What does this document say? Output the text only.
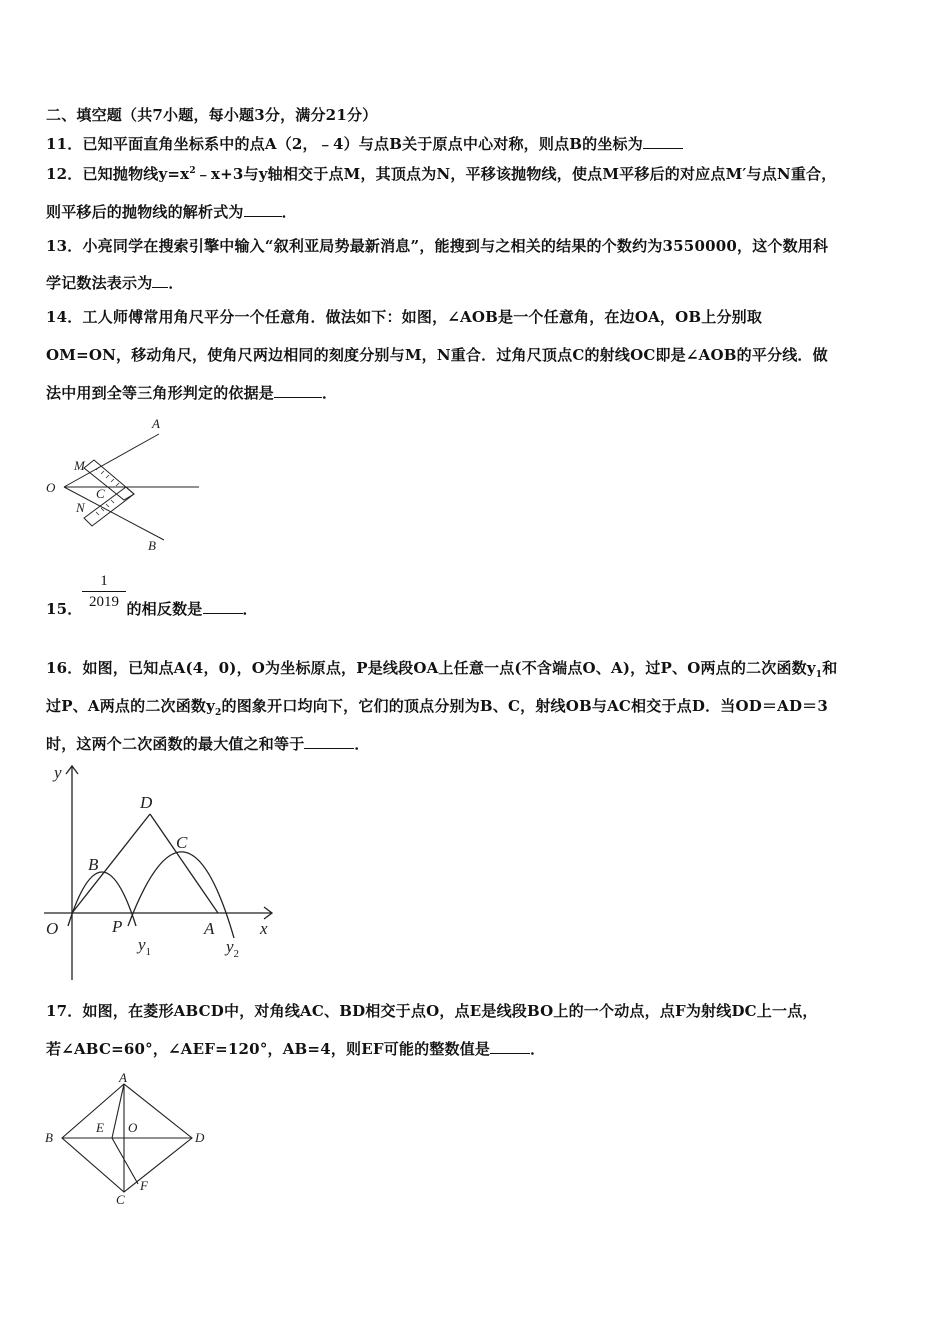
二、填空题（共7小题，每小题3分，满分21分）
11．已知平面直角坐标系中的点A（2，﹣4）与点B关于原点中心对称，则点B的坐标为
12．已知抛物线$y=x^2﹣x+3$与y轴相交于点M，其顶点为N，平移该抛物线，使点M平移后的对应点M′与点N重合，
则平移后的抛物线的解析式为	．
13．小亮同学在搜索引擎中输入“叙利亚局势最新消息”，能搜到与之相关的结果的个数约为3550000，这个数用科
学记数法表示为 ．
14．工人师傅常用角尺平分一个任意角．做法如下：如图，∠AOB是一个任意角，在边OA，OB上分别取
OM=ON，移动角尺，使角尺两边相同的刻度分别与M，N重合．过角尺顶点C的射线OC即是∠AOB的平分线．做
法中用到全等三角形判定的依据是	．
A
M
O	C
N
B
1
2019
15．	的相反数是	．
16．如图，已知点A(4，0)，O为坐标原点，P是线段OA上任意一点(不含端点O、A)，过P、O两点的二次函数$y_1$和
过P、A两点的二次函数$y_2$的图象开口均向下，它们的顶点分别为B、C，射线OB与AC相交于点D．当OD＝AD＝3
时，这两个二次函数的最大值之和等于	．
y
x
O	P	A
B
C
D
$y_1$	$y_2$
17．如图，在菱形ABCD中，对角线AC、BD相交于点O，点E是线段BO上的一个动点，点F为射线DC上一点，
若∠ABC=60°，∠AEF=120°，AB=4，则EF可能的整数值是	．
A
B	D
C
E O
F
